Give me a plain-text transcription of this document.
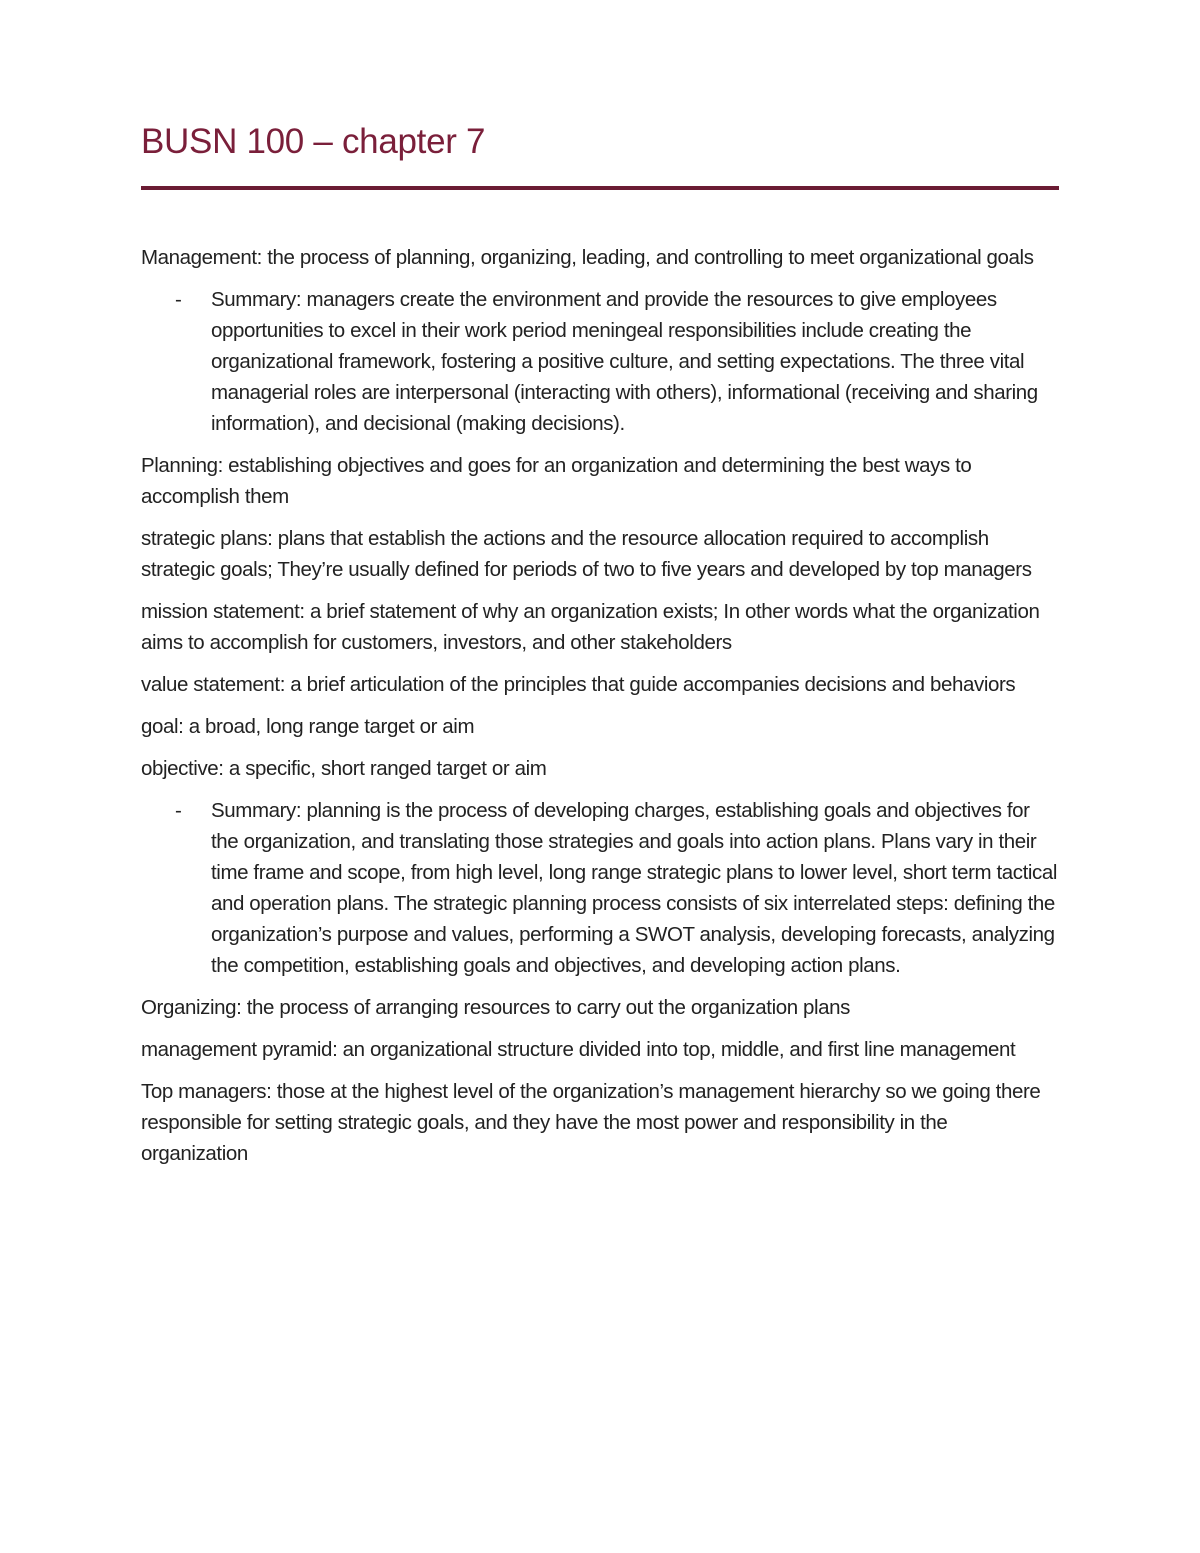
BUSN 100 – chapter 7

Management: the process of planning, organizing, leading, and controlling to meet organizational goals

- Summary: managers create the environment and provide the resources to give employees opportunities to excel in their work period meningeal responsibilities include creating the organizational framework, fostering a positive culture, and setting expectations. The three vital managerial roles are interpersonal (interacting with others), informational (receiving and sharing information), and decisional (making decisions).

Planning: establishing objectives and goes for an organization and determining the best ways to accomplish them

strategic plans: plans that establish the actions and the resource allocation required to accomplish strategic goals; They’re usually defined for periods of two to five years and developed by top managers

mission statement: a brief statement of why an organization exists; In other words what the organization aims to accomplish for customers, investors, and other stakeholders

value statement: a brief articulation of the principles that guide accompanies decisions and behaviors

goal: a broad, long range target or aim

objective: a specific, short ranged target or aim

- Summary: planning is the process of developing charges, establishing goals and objectives for the organization, and translating those strategies and goals into action plans. Plans vary in their time frame and scope, from high level, long range strategic plans to lower level, short term tactical and operation plans. The strategic planning process consists of six interrelated steps: defining the organization’s purpose and values, performing a SWOT analysis, developing forecasts, analyzing the competition, establishing goals and objectives, and developing action plans.

Organizing: the process of arranging resources to carry out the organization plans

management pyramid: an organizational structure divided into top, middle, and first line management

Top managers: those at the highest level of the organization’s management hierarchy so we going there responsible for setting strategic goals, and they have the most power and responsibility in the organization
